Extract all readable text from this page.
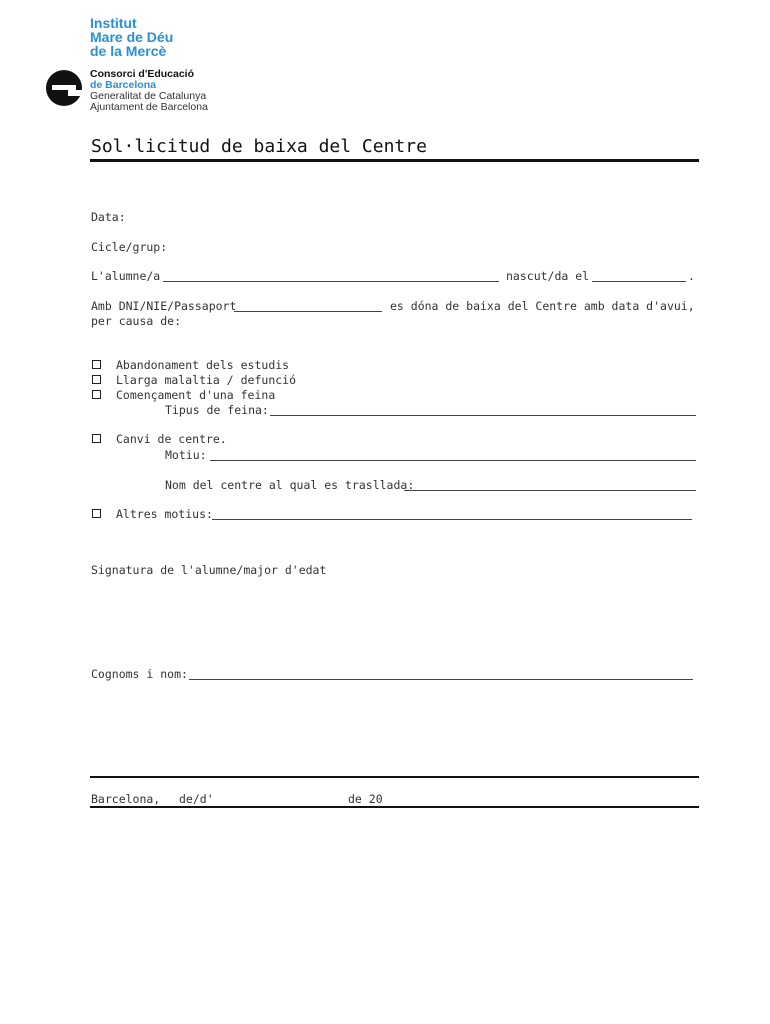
Institut
Mare de Déu
de la Mercè
Consorci d'Educació
de Barcelona
Generalitat de Catalunya
Ajuntament de Barcelona
Sol·licitud de baixa del Centre
Data:
Cicle/grup:
L'alumne/a	nascut/da el	.
Amb DNI/NIE/Passaport	es dóna de baixa del Centre amb data d'avui,
per causa de:
Abandonament dels estudis
Llarga malaltia / defunció
Començament d'una feina
Tipus de feina:
Canvi de centre.
Motiu:
Nom del centre al qual es traslladа:
Altres motius:
Signatura de l'alumne/major d'edat
Cognoms i nom:
Barcelona, de/d'	de 20
